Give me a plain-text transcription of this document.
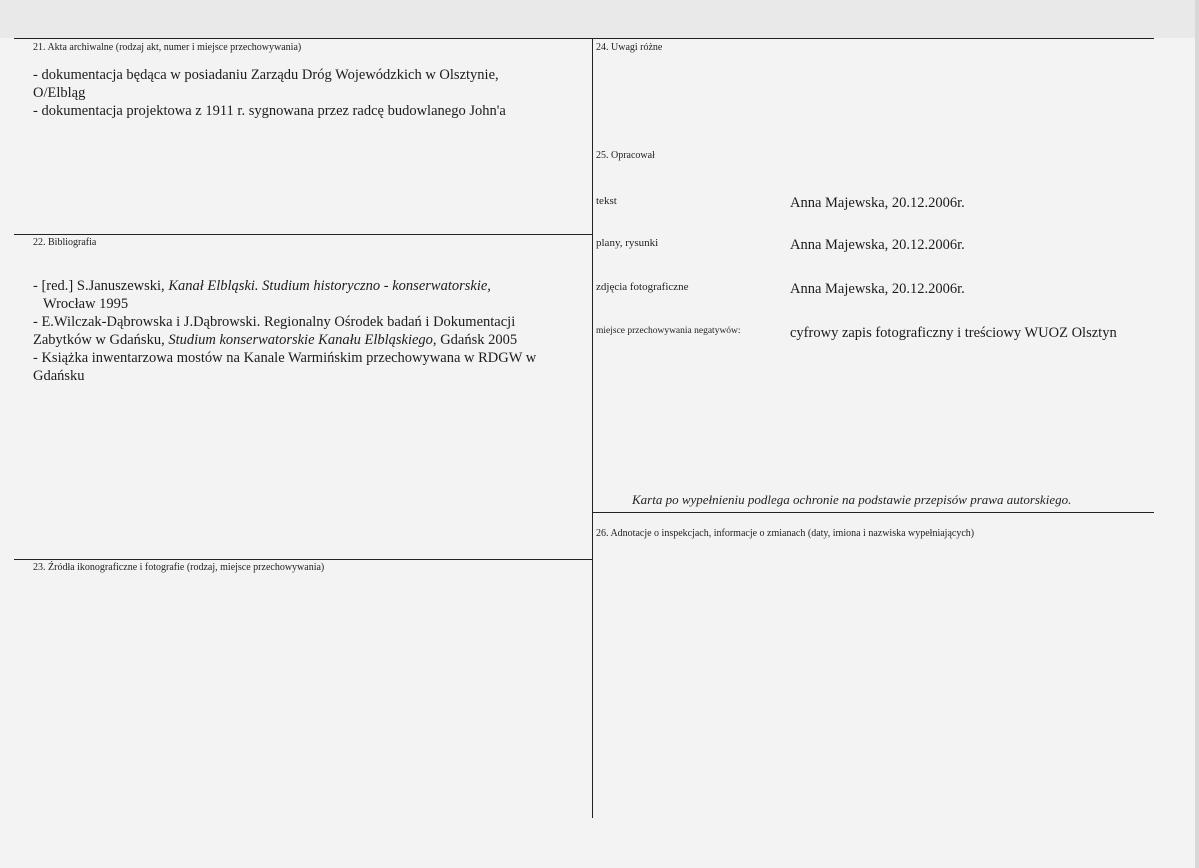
21. Akta archiwalne (rodzaj akt, numer i miejsce przechowywania)
- dokumentacja będąca w posiadaniu Zarządu Dróg Wojewódzkich w Olsztynie,
O/Elbląg
- dokumentacja projektowa z 1911 r. sygnowana przez radcę budowlanego John'a
22. Bibliografia
- [red.] S.Januszewski, Kanał Elbląski. Studium historyczno - konserwatorskie,
Wrocław 1995
- E.Wilczak-Dąbrowska i J.Dąbrowski. Regionalny Ośrodek badań i Dokumentacji
Zabytków w Gdańsku, Studium konserwatorskie Kanału Elbląskiego, Gdańsk 2005
- Książka inwentarzowa mostów na Kanale Warmińskim przechowywana w RDGW w
Gdańsku
23. Źródła ikonograficzne i fotografie (rodzaj, miejsce przechowywania)
24. Uwagi różne
25. Opracował
tekst	Anna Majewska, 20.12.2006r.
plany, rysunki	Anna Majewska, 20.12.2006r.
zdjęcia fotograficzne	Anna Majewska, 20.12.2006r.
miejsce przechowywania negatywów:	cyfrowy zapis fotograficzny i treściowy WUOZ Olsztyn
Karta po wypełnieniu podlega ochronie na podstawie przepisów prawa autorskiego.
26. Adnotacje o inspekcjach, informacje o zmianach (daty, imiona i nazwiska wypełniających)
